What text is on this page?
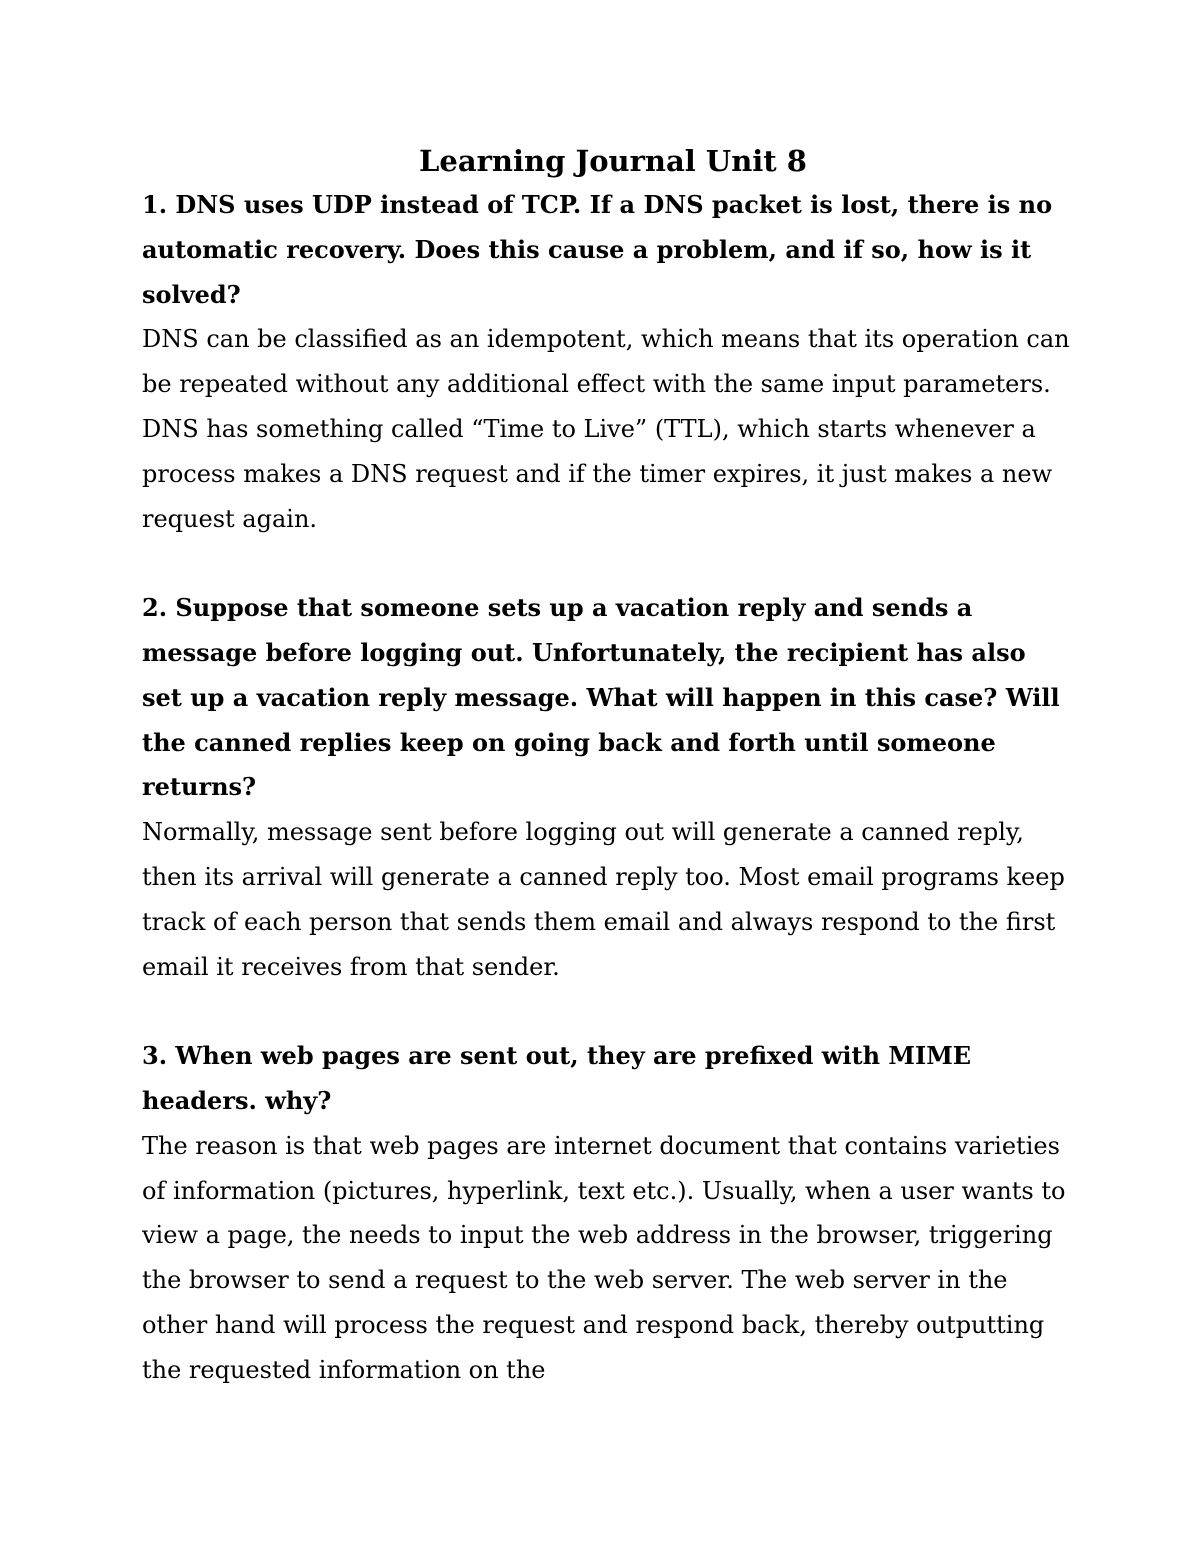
Learning Journal Unit 8

1. DNS uses UDP instead of TCP. If a DNS packet is lost, there is no automatic recovery. Does this cause a problem, and if so, how is it solved?

DNS can be classified as an idempotent, which means that its operation can be repeated without any additional effect with the same input parameters. DNS has something called “Time to Live” (TTL), which starts whenever a process makes a DNS request and if the timer expires, it just makes a new request again.

2. Suppose that someone sets up a vacation reply and sends a message before logging out. Unfortunately, the recipient has also set up a vacation reply message. What will happen in this case? Will the canned replies keep on going back and forth until someone returns?

Normally, message sent before logging out will generate a canned reply, then its arrival will generate a canned reply too. Most email programs keep track of each person that sends them email and always respond to the first email it receives from that sender.

3. When web pages are sent out, they are prefixed with MIME headers. why?

The reason is that web pages are internet document that contains varieties of information (pictures, hyperlink, text etc.). Usually, when a user wants to view a page, the needs to input the web address in the browser, triggering the browser to send a request to the web server. The web server in the other hand will process the request and respond back, thereby outputting the requested information on the
